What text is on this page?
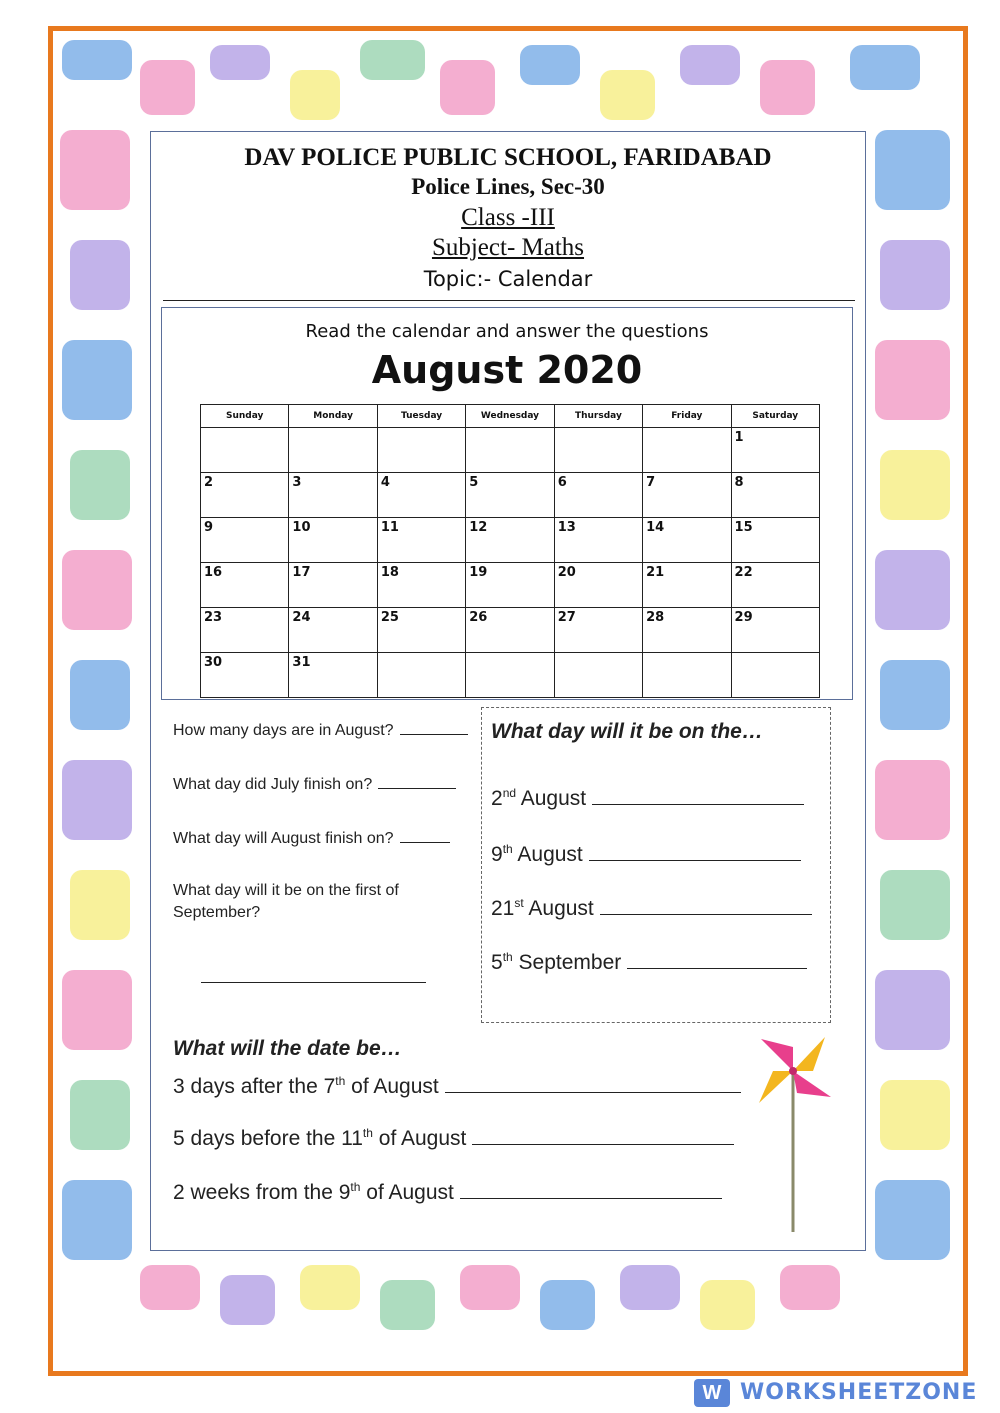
DAV POLICE PUBLIC SCHOOL, FARIDABAD
Police Lines, Sec-30
Class -III
Subject- Maths
Topic:- Calendar
Read the calendar and answer the questions
August 2020
Sunday	Monday	Tuesday	Wednesday	Thursday	Friday	Saturday
						1
2	3	4	5	6	7	8
9	10	11	12	13	14	15
16	17	18	19	20	21	22
23	24	25	26	27	28	29
30	31					
How many days are in August?
What day did July finish on?
What day will August finish on?
What day will it be on the first of
September?
What day will it be on the…
2nd August
9th August
21st August
5th September
What will the date be…
3 days after the 7th of August
5 days before the 11th of August
2 weeks from the 9th of August
W WORKSHEETZONE
